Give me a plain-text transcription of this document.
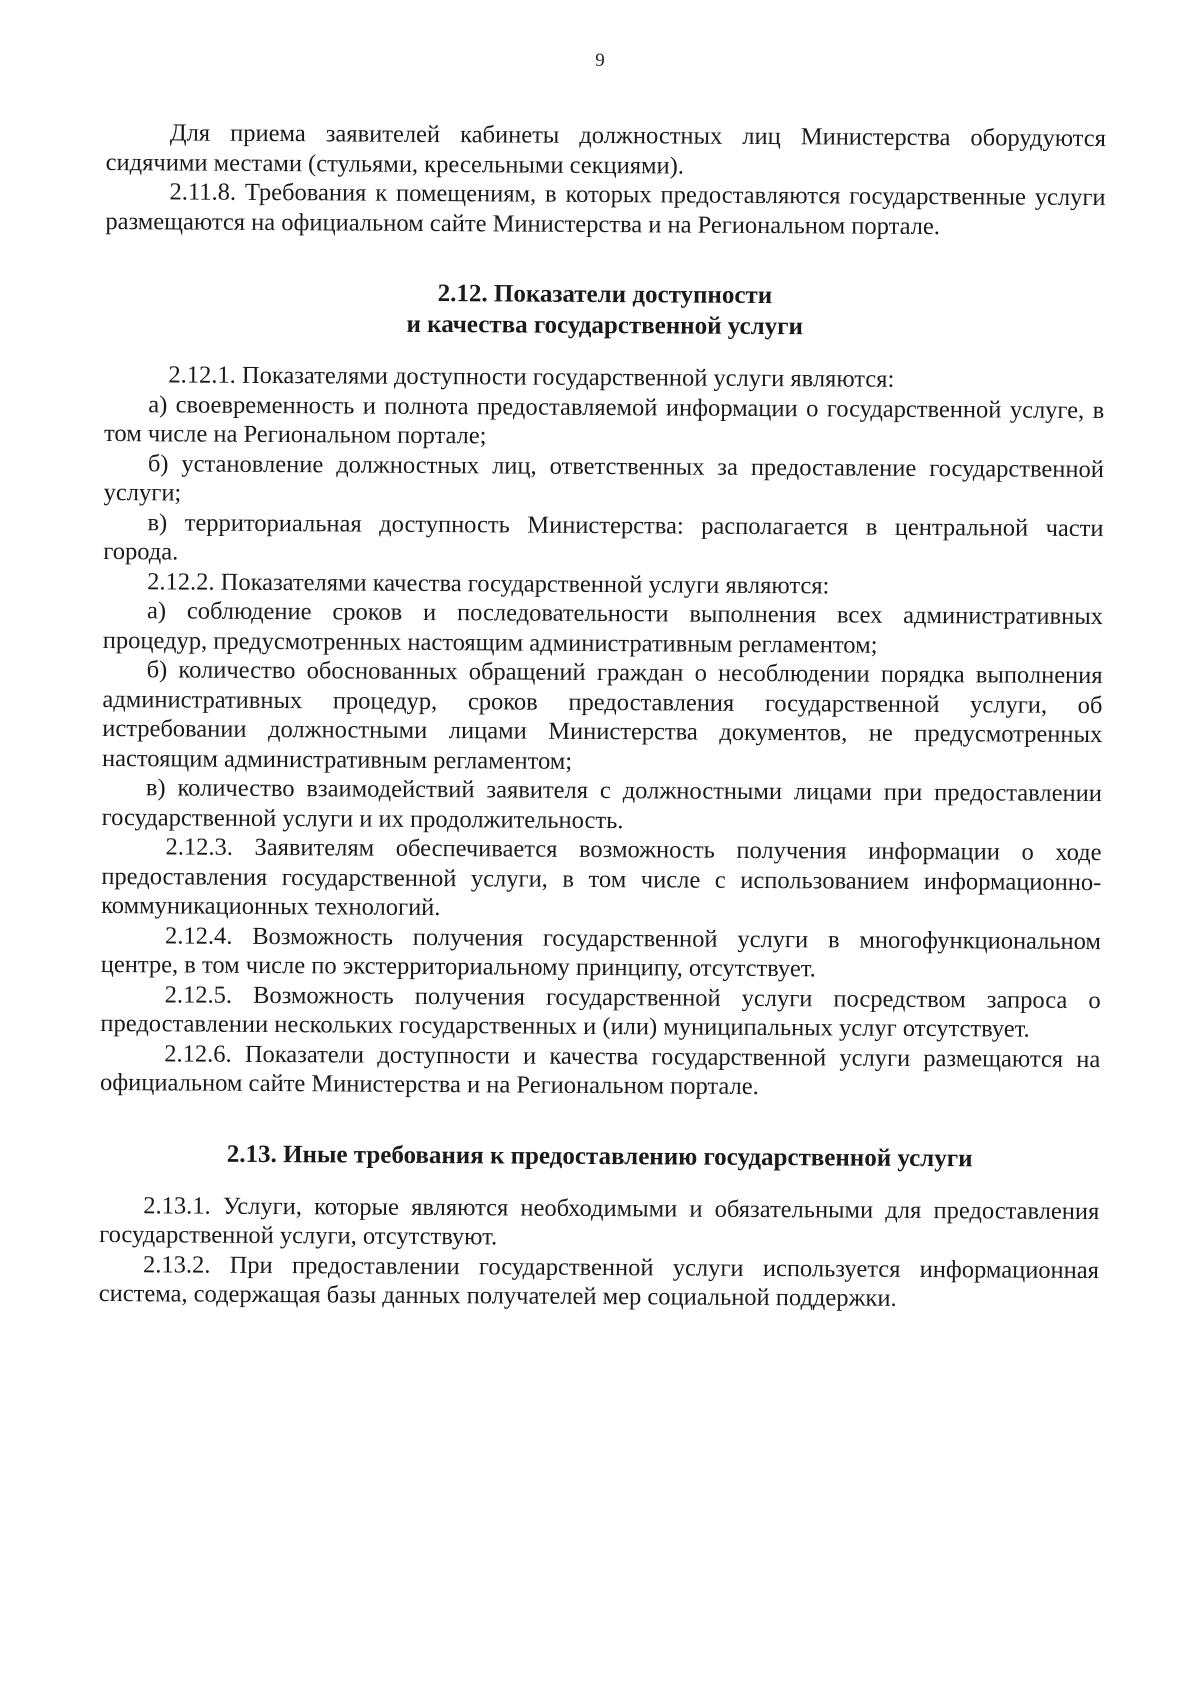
9

Для приема заявителей кабинеты должностных лиц Министерства оборудуются сидячими местами (стульями, кресельными секциями).

2.11.8. Требования к помещениям, в которых предоставляются государственные услуги размещаются на официальном сайте Министерства и на Региональном портале.

2.12. Показатели доступности
и качества государственной услуги

2.12.1. Показателями доступности государственной услуги являются:

а) своевременность и полнота предоставляемой информации о государственной услуге, в том числе на Региональном портале;

б) установление должностных лиц, ответственных за предоставление государственной услуги;

в) территориальная доступность Министерства: располагается в центральной части города.

2.12.2. Показателями качества государственной услуги являются:

а) соблюдение сроков и последовательности выполнения всех административных процедур, предусмотренных настоящим административным регламентом;

б) количество обоснованных обращений граждан о несоблюдении порядка выполнения административных процедур, сроков предоставления государственной услуги, об истребовании должностными лицами Министерства документов, не предусмотренных настоящим административным регламентом;

в) количество взаимодействий заявителя с должностными лицами при предоставлении государственной услуги и их продолжительность.

2.12.3. Заявителям обеспечивается возможность получения информации о ходе предоставления государственной услуги, в том числе с использованием информационно-коммуникационных технологий.

2.12.4. Возможность получения государственной услуги в многофункциональном центре, в том числе по экстерриториальному принципу, отсутствует.

2.12.5. Возможность получения государственной услуги посредством запроса о предоставлении нескольких государственных и (или) муниципальных услуг отсутствует.

2.12.6. Показатели доступности и качества государственной услуги размещаются на официальном сайте Министерства и на Региональном портале.

2.13. Иные требования к предоставлению государственной услуги

2.13.1. Услуги, которые являются необходимыми и обязательными для предоставления государственной услуги, отсутствуют.

2.13.2. При предоставлении государственной услуги используется информационная система, содержащая базы данных получателей мер социальной поддержки.
